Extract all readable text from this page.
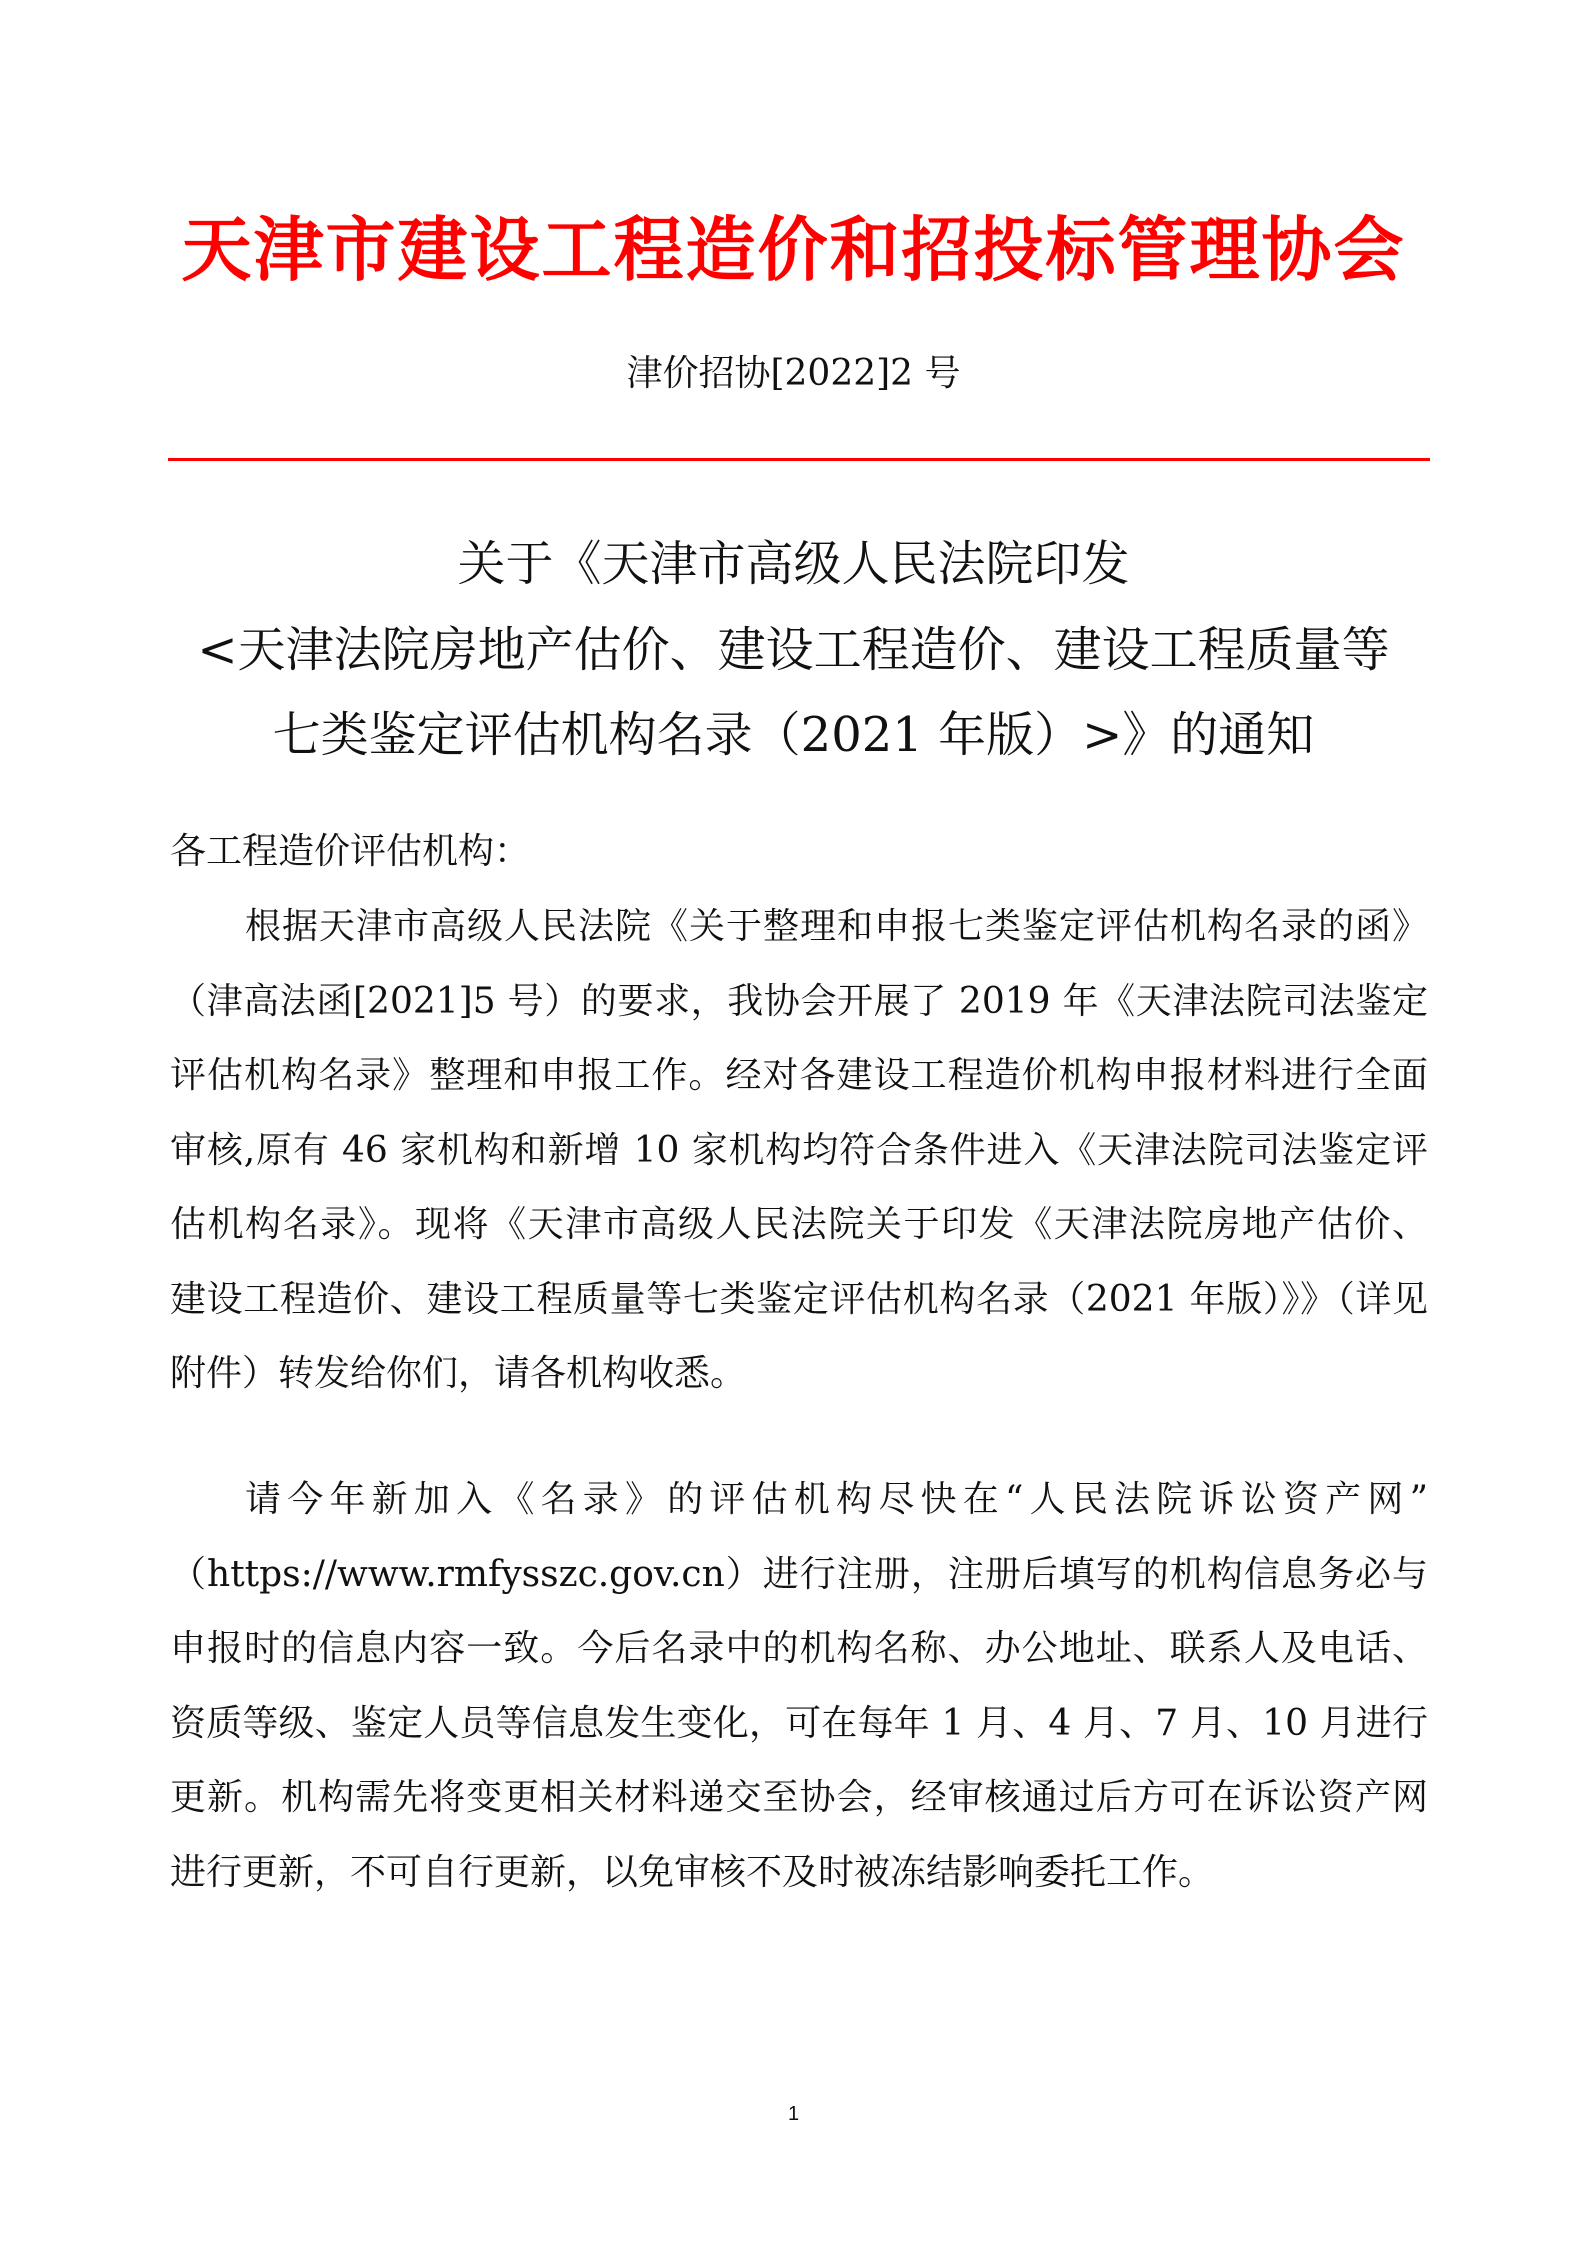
天津市建设工程造价和招投标管理协会
津价招协[2022]2 号
关于《天津市高级人民法院印发
<天津法院房地产估价、建设工程造价、建设工程质量等
七类鉴定评估机构名录（2021 年版）>》的通知
各工程造价评估机构：
根据天津市高级人民法院《关于整理和申报七类鉴定评估机构名录的函》
（津高法函[2021]5 号）的要求，我协会开展了 2019 年《天津法院司法鉴定
评估机构名录》整理和申报工作。经对各建设工程造价机构申报材料进行全面
审核,原有 46 家机构和新增 10 家机构均符合条件进入《天津法院司法鉴定评
估机构名录》。现将《天津市高级人民法院关于印发《天津法院房地产估价、
建设工程造价、建设工程质量等七类鉴定评估机构名录（2021 年版）》》（详见
附件）转发给你们，请各机构收悉。
请今年新加入《名录》的评估机构尽快在“人民法院诉讼资产网”
（https://www.rmfysszc.gov.cn）进行注册，注册后填写的机构信息务必与
申报时的信息内容一致。今后名录中的机构名称、办公地址、联系人及电话、
资质等级、鉴定人员等信息发生变化，可在每年 1 月、4 月、7 月、10 月进行
更新。机构需先将变更相关材料递交至协会，经审核通过后方可在诉讼资产网
进行更新，不可自行更新，以免审核不及时被冻结影响委托工作。
1
